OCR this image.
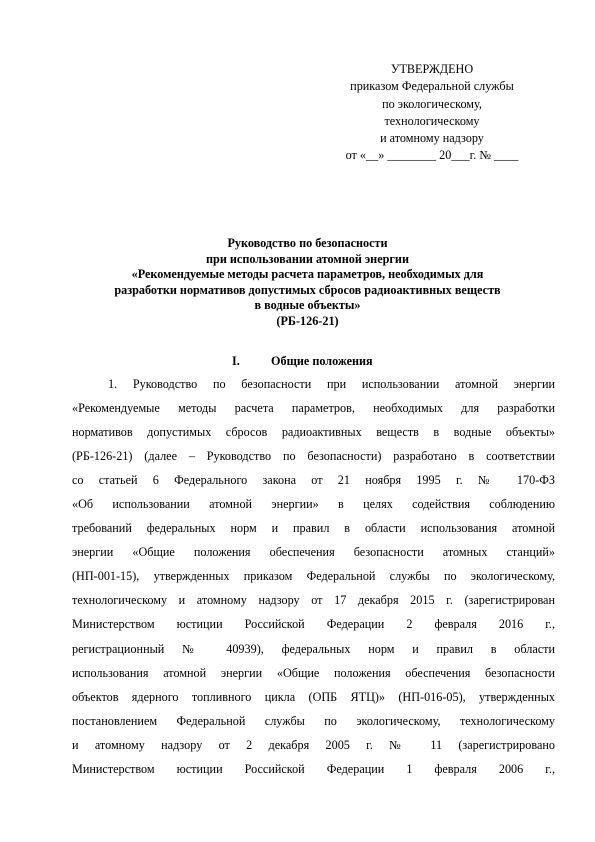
УТВЕРЖДЕНО
приказом Федеральной службы
по экологическому,
технологическому
и атомному надзору
от «__» ________ 20___г. № ____
Руководство по безопасности
при использовании атомной энергии
«Рекомендуемые методы расчета параметров, необходимых для
разработки нормативов допустимых сбросов радиоактивных веществ
в водные объекты»
(РБ-126-21)
I.	Общие положения
1. Руководство по безопасности при использовании атомной энергии
«Рекомендуемые методы расчета параметров, необходимых для разработки
нормативов допустимых сбросов радиоактивных веществ в водные объекты»
(РБ-126-21) (далее – Руководство по безопасности) разработано в соответствии
со статьей 6 Федерального закона от 21 ноября 1995 г. № 170-ФЗ
«Об использовании атомной энергии» в целях содействия соблюдению
требований федеральных норм и правил в области использования атомной
энергии «Общие положения обеспечения безопасности атомных станций»
(НП-001-15), утвержденных приказом Федеральной службы по экологическому,
технологическому и атомному надзору от 17 декабря 2015 г. (зарегистрирован
Министерством юстиции Российской Федерации 2 февраля 2016 г.,
регистрационный № 40939), федеральных норм и правил в области
использования атомной энергии «Общие положения обеспечения безопасности
объектов ядерного топливного цикла (ОПБ ЯТЦ)» (НП-016-05), утвержденных
постановлением Федеральной службы по экологическому, технологическому
и атомному надзору от 2 декабря 2005 г. № 11 (зарегистрировано
Министерством юстиции Российской Федерации 1 февраля 2006 г.,
